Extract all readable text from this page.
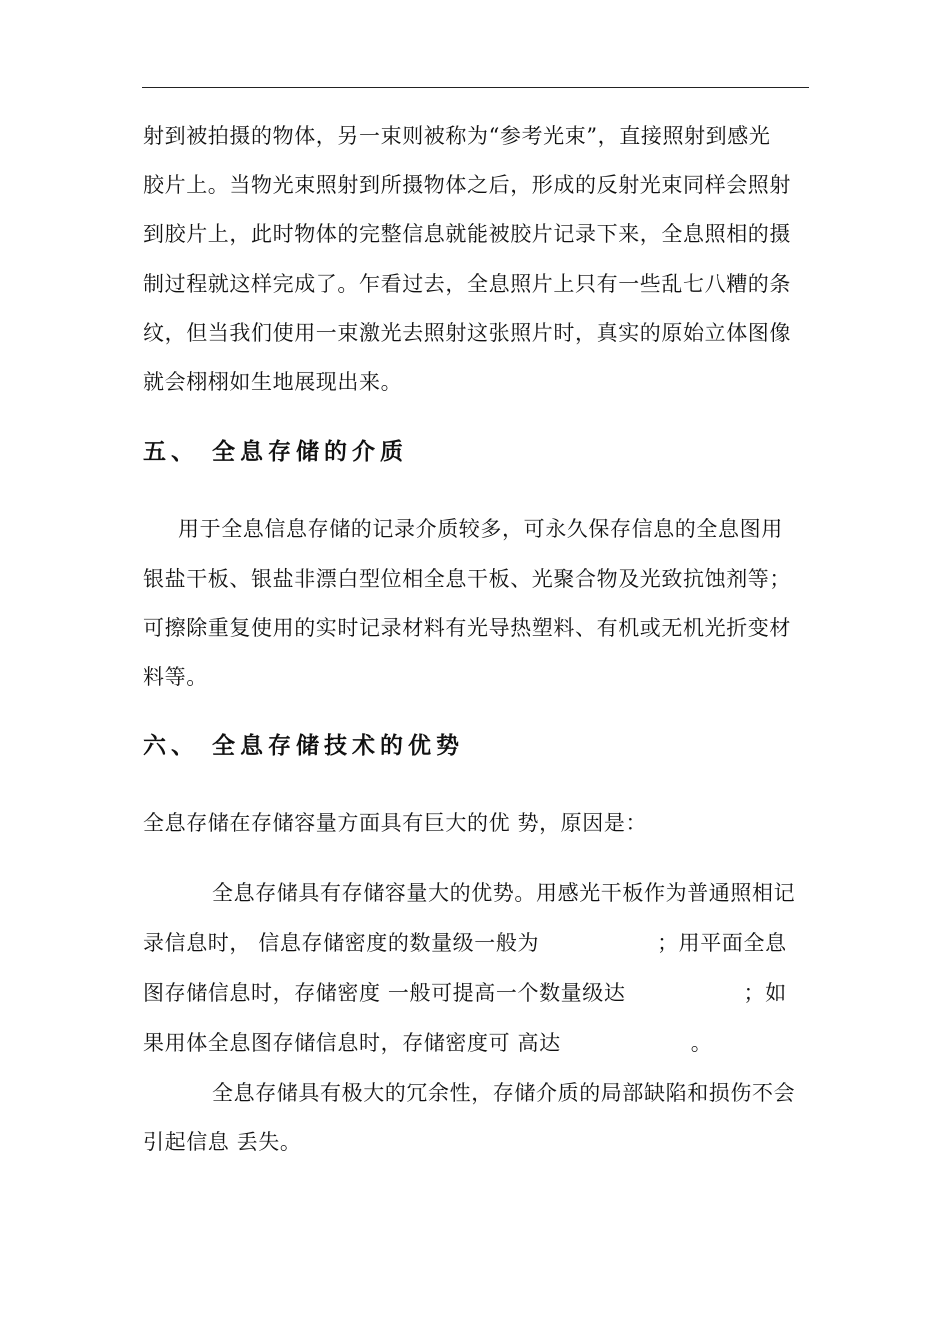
射到被拍摄的物体，另一束则被称为“参考光束”，直接照射到感光
胶片上。当物光束照射到所摄物体之后，形成的反射光束同样会照射
到胶片上，此时物体的完整信息就能被胶片记录下来，全息照相的摄
制过程就这样完成了。乍看过去，全息照片上只有一些乱七八糟的条
纹，但当我们使用一束激光去照射这张照片时，真实的原始立体图像
就会栩栩如生地展现出来。
五、 全息存储的介质
用于全息信息存储的记录介质较多，可永久保存信息的全息图用
银盐干板、银盐非漂白型位相全息干板、光聚合物及光致抗蚀剂等；
可擦除重复使用的实时记录材料有光导热塑料、有机或无机光折变材
料等。
六、 全息存储技术的优势
全息存储在存储容量方面具有巨大的优 势，原因是：
全息存储具有存储容量大的优势。用感光干板作为普通照相记
录信息时， 信息存储密度的数量级一般为	；用平面全息
图存储信息时，存储密度 一般可提高一个数量级达	；如
果用体全息图存储信息时，存储密度可 高达	。
全息存储具有极大的冗余性，存储介质的局部缺陷和损伤不会
引起信息 丢失。
